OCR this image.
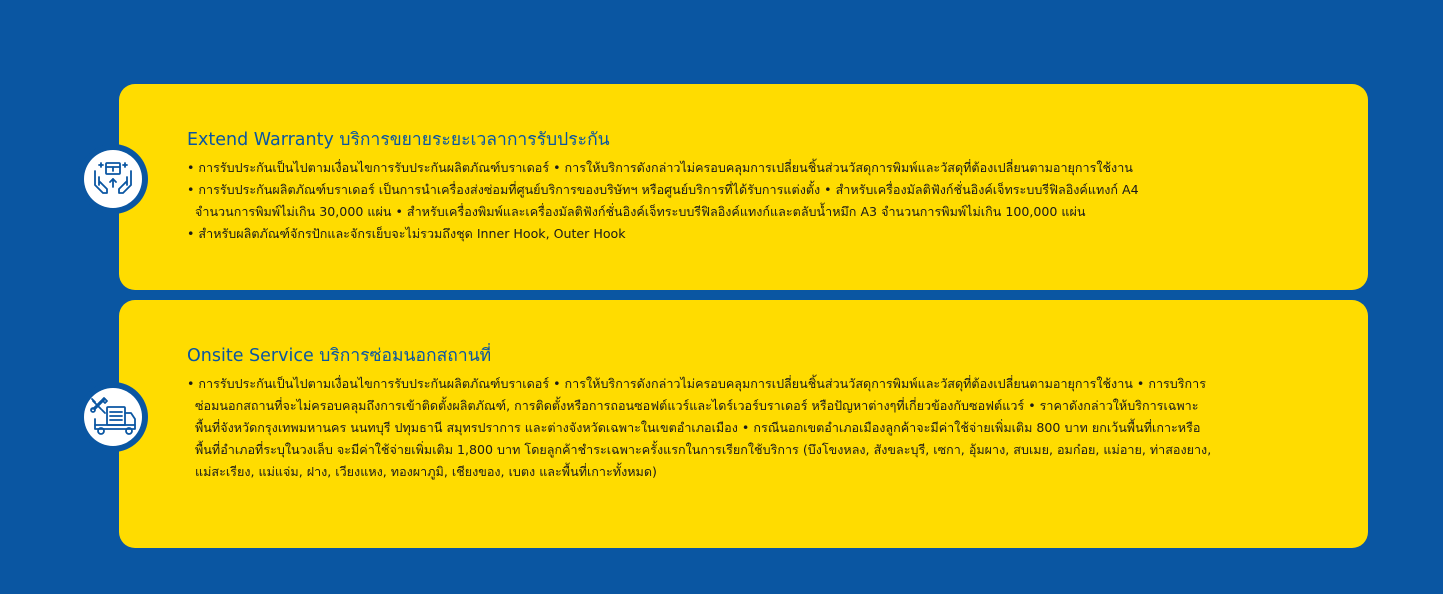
Extend Warranty บริการขยายระยะเวลาการรับประกัน
• การรับประกันเป็นไปตามเงื่อนไขการรับประกันผลิตภัณฑ์บราเดอร์ • การให้บริการดังกล่าวไม่ครอบคลุมการเปลี่ยนชิ้นส่วนวัสดุการพิมพ์และวัสดุที่ต้องเปลี่ยนตามอายุการใช้งาน
• การรับประกันผลิตภัณฑ์บราเดอร์ เป็นการนำเครื่องส่งซ่อมที่ศูนย์บริการของบริษัทฯ หรือศูนย์บริการที่ได้รับการแต่งตั้ง • สำหรับเครื่องมัลติฟังก์ชั่นอิงค์เจ็ทระบบรีฟิลอิงค์แทงก์ A4
จำนวนการพิมพ์ไม่เกิน 30,000 แผ่น • สำหรับเครื่องพิมพ์และเครื่องมัลติฟังก์ชั่นอิงค์เจ็ทระบบรีฟิลอิงค์แทงก์และตลับน้ำหมึก A3 จำนวนการพิมพ์ไม่เกิน 100,000 แผ่น
• สำหรับผลิตภัณฑ์จักรปักและจักรเย็บจะไม่รวมถึงชุด Inner Hook, Outer Hook
Onsite Service บริการซ่อมนอกสถานที่
• การรับประกันเป็นไปตามเงื่อนไขการรับประกันผลิตภัณฑ์บราเดอร์ • การให้บริการดังกล่าวไม่ครอบคลุมการเปลี่ยนชิ้นส่วนวัสดุการพิมพ์และวัสดุที่ต้องเปลี่ยนตามอายุการใช้งาน • การบริการ
ซ่อมนอกสถานที่จะไม่ครอบคลุมถึงการเข้าติดตั้งผลิตภัณฑ์, การติดตั้งหรือการถอนซอฟต์แวร์และไดร์เวอร์บราเดอร์ หรือปัญหาต่างๆที่เกี่ยวข้องกับซอฟต์แวร์ • ราคาดังกล่าวให้บริการเฉพาะ
พื้นที่จังหวัดกรุงเทพมหานคร นนทบุรี ปทุมธานี สมุทรปราการ และต่างจังหวัดเฉพาะในเขตอำเภอเมือง • กรณีนอกเขตอำเภอเมืองลูกค้าจะมีค่าใช้จ่ายเพิ่มเติม 800 บาท ยกเว้นพื้นที่เกาะหรือ
พื้นที่อำเภอที่ระบุในวงเล็บ จะมีค่าใช้จ่ายเพิ่มเติม 1,800 บาท โดยลูกค้าชำระเฉพาะครั้งแรกในการเรียกใช้บริการ (บึงโขงหลง, สังขละบุรี, เซกา, อุ้มผาง, สบเมย, อมก๋อย, แม่อาย, ท่าสองยาง,
แม่สะเรียง, แม่แจ่ม, ฝาง, เวียงแหง, ทองผาภูมิ, เชียงของ, เบตง และพื้นที่เกาะทั้งหมด)
